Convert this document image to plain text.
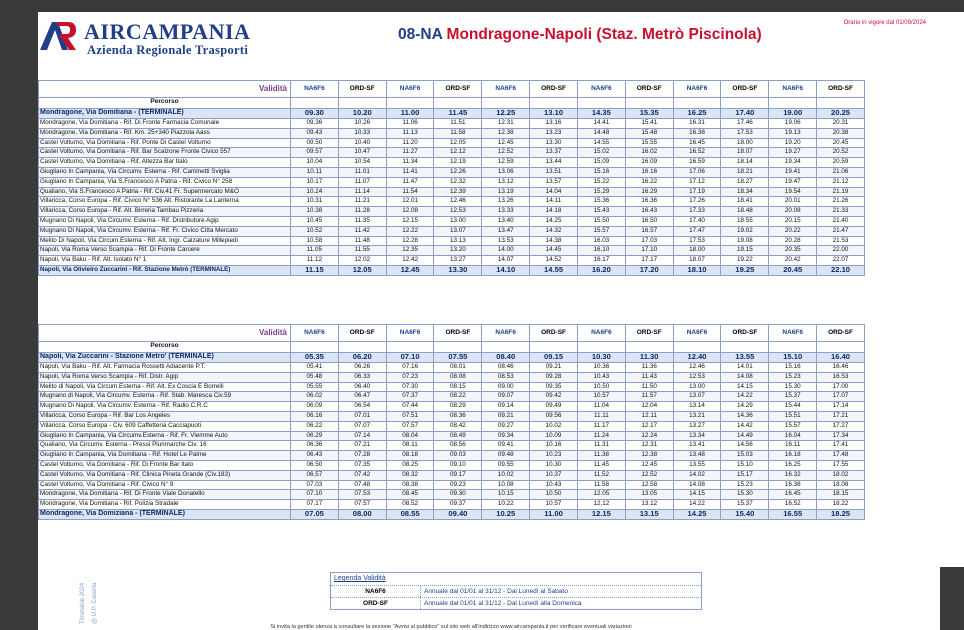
AIRCAMPANIA
Azienda Regionale Trasporti
08-NA Mondragone-Napoli (Staz. Metrò Piscinola)
Orario in vigore dal 01/09/2024
Validità	NA6F6	ORD-SF	NA6F6	ORD-SF	NA6F6	ORD-SF	NA6F6	ORD-SF	NA6F6	ORD-SF	NA6F6	ORD-SF
Percorso												
Mondragone, Via Domitiana - (TERMINALE)	09.30	10.20	11.00	11.45	12.25	13.10	14.35	15.35	16.25	17.40	19.00	20.25
Mondragone, Via Domitiana - Rif. Di Fronte Farmacia Comunale	09.36	10.26	11.06	11.51	12.31	13.16	14.41	15.41	16.31	17.46	19.06	20.31
Mondragone, Via Domitiana - Rif. Km. 25+340 Piazzola Aass	09.43	10.33	11.13	11.58	12.38	13.23	14.48	15.48	16.38	17.53	19.13	20.38
Castel Volturno, Via Domitiana - Rif. Ponte Di Castel Volturno	09.50	10.40	11.20	12.05	12.45	13.30	14.55	15.55	16.45	18.00	19.20	20.45
Castel Volturno, Via Domitiana - Rif. Bar Scalzone Fronte Civico 557	09.57	10.47	11.27	12.12	12.52	13.37	15.02	16.02	16.52	18.07	19.27	20.52
Castel Volturno, Via Domitiana - Rif. Altezza Bar Italo	10.04	10.54	11.34	12.19	12.59	13.44	15.09	16.09	16.59	18.14	19.34	20.59
Giugliano In Campania, Via Circumv. Esterna - Rif. Caminetti Sviglia	10.11	11.01	11.41	12.26	13.06	13.51	15.16	16.16	17.06	18.21	19.41	21.06
Giugliano In Campania, Via S.Francesco A Patria - Rif. Civico N° 258	10.17	11.07	11.47	12.32	13.12	13.57	15.22	16.22	17.12	18.27	19.47	21.12
Qualiano, Via S.Francesco A Patria - Rif. Civ.41 Fr. Supermercato M&O	10.24	11.14	11.54	12.39	13.19	14.04	15.29	16.29	17.19	18.34	19.54	21.19
Villaricca, Corso Europa - Rif. Civico N° 536 Alt. Ristorante La Lanterna	10.31	11.21	12.01	12.46	13.26	14.11	15.36	16.36	17.26	18.41	20.01	21.26
Villaricca, Corso Europa - Rif. Alt. Birreria Tambau Pizzeria	10.38	11.28	12.08	12.53	13.33	14.18	15.43	16.43	17.33	18.48	20.08	21.33
Mugnano Di Napoli, Via Circumv. Esterna - Rif. Distributore Agip	10.45	11.35	12.15	13.00	13.40	14.25	15.50	16.50	17.40	18.55	20.15	21.40
Mugnano Di Napoli, Via Circumv. Esterna - Rif. Fr. Civico Citta Mercato	10.52	11.42	12.22	13.07	13.47	14.32	15.57	16.57	17.47	19.02	20.22	21.47
Melito Di Napoli, Via Circum.Esterna - Rif. Alt. Ingr. Calzature Millepiedi	10.58	11.48	12.28	13.13	13.53	14.38	16.03	17.03	17.53	19.08	20.28	21.53
Napoli, Via Roma Verso Scampia - Rif. Di Fronte Carcere	11.05	11.55	12.35	13.20	14.00	14.45	16.10	17.10	18.00	19.15	20.35	22.00
Napoli, Via Baku - Rif. Alt. Isolato N° 1	11.12	12.02	12.42	13.27	14.07	14.52	16.17	17.17	18.07	19.22	20.42	22.07
Napoli, Via Olivieiro Zuccarini - Rif. Stazione Metrò (TERMINALE)	11.15	12.05	12.45	13.30	14.10	14.55	16.20	17.20	18.10	19.25	20.45	22.10
Validità	NA6F6	ORD-SF	NA6F6	ORD-SF	NA6F6	ORD-SF	NA6F6	ORD-SF	NA6F6	ORD-SF	NA6F6	ORD-SF
Percorso												
Napoli, Via Zuccarini - Stazione Metro' (TERMINALE)	05.35	06.20	07.10	07.55	08.40	09.15	10.30	11.30	12.40	13.55	15.10	16.40
Napoli, Via Baku - Rif. Alt. Farmacia Rossetti Adiacente P.T.	05.41	06.26	07.16	08.01	08.46	09.21	10.36	11.36	12.46	14.01	15.16	16.46
Napoli, Via Roma Verso Scampia - Rif. Distr. Agip	05.48	06.33	07.23	08.08	08.53	09.28	10.43	11.43	12.53	14.08	15.23	16.53
Melito di Napoli, Via Circum.Esterna - Rif. Alt. Ex Coscia E Borrelli	05.55	06.40	07.30	08.15	09.00	09.35	10.50	11.50	13.00	14.15	15.30	17.00
Mugnano di Napoli, Via Circumv. Esterna - Rif. Stab. Maresca Civ.59	06.02	06.47	07.37	08.22	09.07	09.42	10.57	11.57	13.07	14.22	15.37	17.07
Mugnano Di Napoli, Via Circumv. Esterna - Rif. Radio C.R.C	06.09	06.54	07.44	08.29	09.14	09.49	11.04	12.04	13.14	14.29	15.44	17.14
Villaricca, Corso Europa - Rif. Bar Los Angeles	06.16	07.01	07.51	08.36	09.21	09.56	11.11	12.11	13.21	14.36	15.51	17.21
Villaricca, Corso Europa - Civ. 609 Caffetteria Cacciapuoti	06.22	07.07	07.57	08.42	09.27	10.02	11.17	12.17	13.27	14.42	15.57	17.27
Giugliano In Campania, Via Circumv.Esterna - Rif. Fr. Viemme Auto	06.29	07.14	08.04	08.49	09.34	10.09	11.24	12.24	13.34	14.49	16.04	17.34
Qualiano, Via Circumv. Esterna - Pressi Plurimarche Civ. 16	06.36	07.21	08.11	08.56	09.41	10.16	11.31	12.31	13.41	14.56	16.11	17.41
Giugliano In Campania, Via Domitiana - Rif. Hotel Le Palme	06.43	07.28	08.18	09.03	09.48	10.23	11.38	12.38	13.48	15.03	16.18	17.48
Castel Volturno, Via Domitiana - Rif. Di Fronte Bar Italo	06.50	07.35	08.25	09.10	09.55	10.30	11.45	12.45	13.55	15.10	16.25	17.55
Castel Volturno, Via Domitiana - Rif. Clinica Pineta Grande (Civ.183)	06.57	07.42	08.32	09.17	10.02	10.37	11.52	12.52	14.02	15.17	16.32	18.02
Castel Volturno, Via Domitiana - Rif. Civico N° 9	07.03	07.48	08.38	09.23	10.08	10.43	11.58	12.58	14.08	15.23	16.38	18.08
Mondragone, Via Domitiana - Rif. Di Fronte Viale Donatello	07.10	07.53	08.45	09.30	10.15	10.50	12.05	13.05	14.15	15.30	16.45	18.15
Mondragone, Via Domitiana - Rif. Polizia Stradale	07.17	07.57	08.52	09.37	10.22	10.57	12.12	13.12	14.22	15.37	16.52	18.22
Mondragone, Via Domiziana - (TERMINALE)	07.05	08.00	08.55	09.40	10.25	11.00	12.15	13.15	14.25	15.40	16.55	18.25
Timetable 2024 @ U.P. Caserta
Legenda Validità
NA6F6	Annuale dal 01/01 al 31/12 - Dal Lunedì al Sabato
ORD-SF	Annuale dal 01/01 al 31/12 - Dal Lunedì alla Domenica
Si invita la gentile utenza a consultare la sezione "Avvisi al pubblico" sul sito web all'indirizzo www.aircampania.it per verificare eventuali variazioni
